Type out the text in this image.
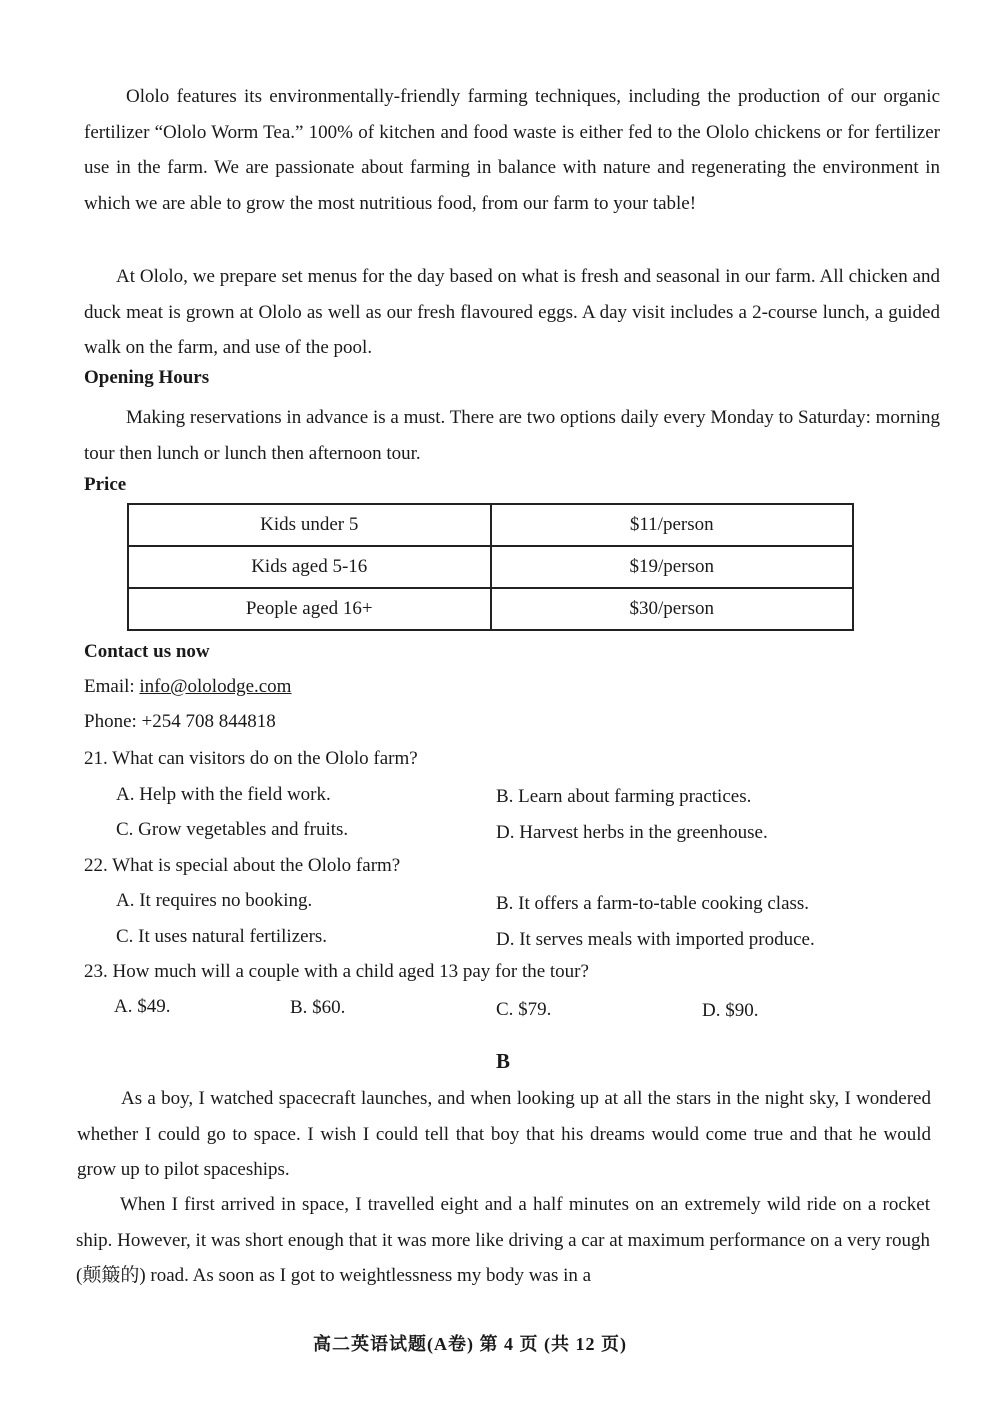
Ololo features its environmentally-friendly farming techniques, including the production of our organic fertilizer “Ololo Worm Tea.” 100% of kitchen and food waste is either fed to the Ololo chickens or for fertilizer use in the farm. We are passionate about farming in balance with nature and regenerating the environment in which we are able to grow the most nutritious food, from our farm to your table!

At Ololo, we prepare set menus for the day based on what is fresh and seasonal in our farm. All chicken and duck meat is grown at Ololo as well as our fresh flavoured eggs. A day visit includes a 2-course lunch, a guided walk on the farm, and use of the pool.

Opening Hours

Making reservations in advance is a must. There are two options daily every Monday to Saturday: morning tour then lunch or lunch then afternoon tour.

Price
Kids under 5	$11/person
Kids aged 5-16	$19/person
People aged 16+	$30/person
Contact us now
Email: info@ololodge.com
Phone: +254 708 844818
21. What can visitors do on the Ololo farm?
A. Help with the field work.	B. Learn about farming practices.
C. Grow vegetables and fruits.	D. Harvest herbs in the greenhouse.
22. What is special about the Ololo farm?
A. It requires no booking.	B. It offers a farm-to-table cooking class.
C. It uses natural fertilizers.	D. It serves meals with imported produce.
23. How much will a couple with a child aged 13 pay for the tour?
A. $49.	B. $60.	C. $79.	D. $90.
B

As a boy, I watched spacecraft launches, and when looking up at all the stars in the night sky, I wondered whether I could go to space. I wish I could tell that boy that his dreams would come true and that he would grow up to pilot spaceships.

When I first arrived in space, I travelled eight and a half minutes on an extremely wild ride on a rocket ship. However, it was short enough that it was more like driving a car at maximum performance on a very rough (颠簸的) road. As soon as I got to weightlessness my body was in a

高二英语试题(A卷) 第 4 页 (共 12 页)
